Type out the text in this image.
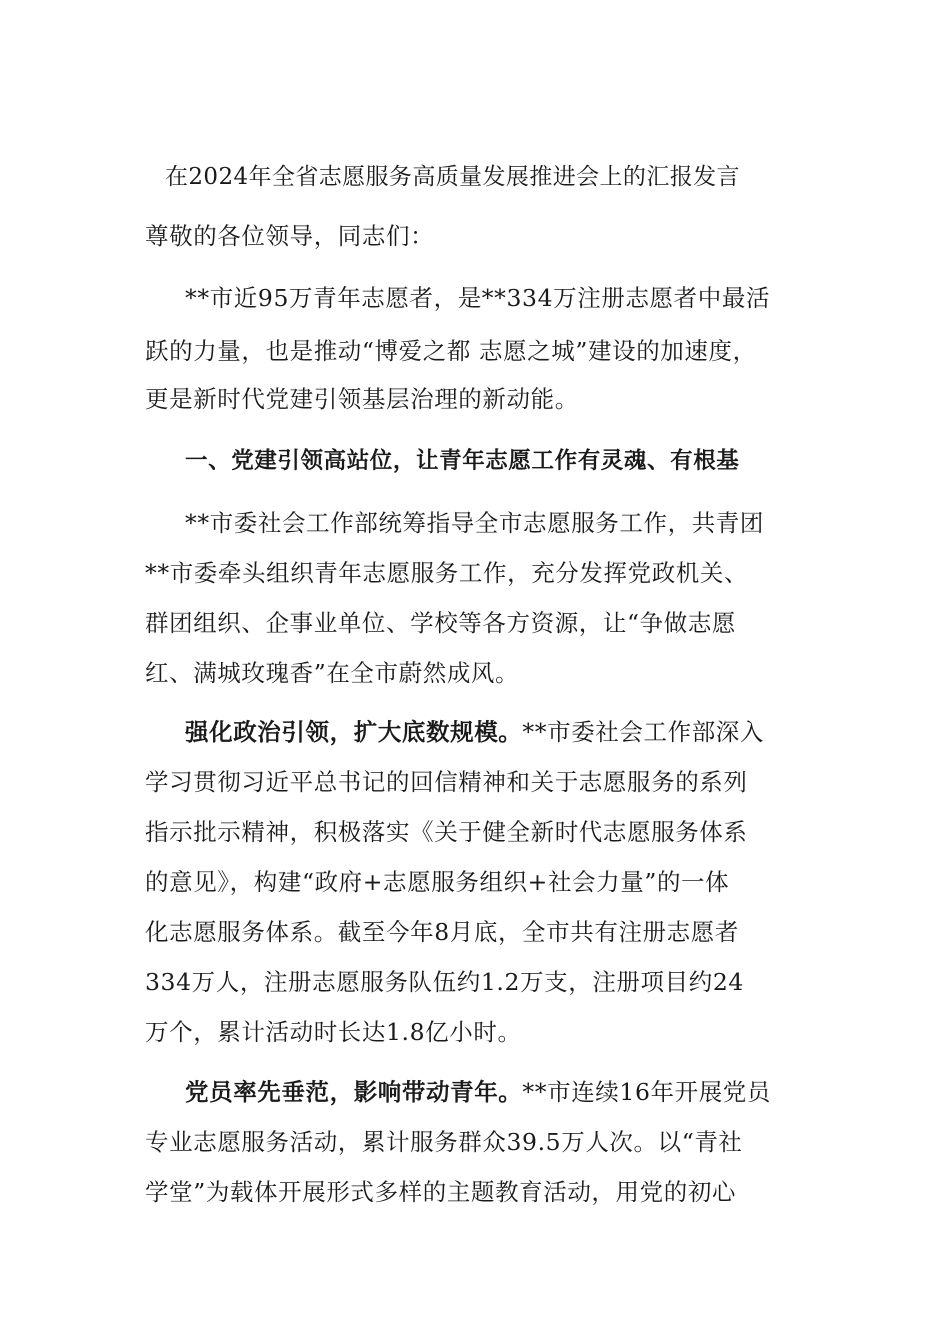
在2024年全省志愿服务高质量发展推进会上的汇报发言
尊敬的各位领导，同志们：
**市近95万青年志愿者，是**334万注册志愿者中最活
跃的力量，也是推动“博爱之都 志愿之城”建设的加速度，
更是新时代党建引领基层治理的新动能。
一、党建引领高站位，让青年志愿工作有灵魂、有根基
**市委社会工作部统筹指导全市志愿服务工作，共青团
**市委牵头组织青年志愿服务工作，充分发挥党政机关、
群团组织、企事业单位、学校等各方资源，让“争做志愿
红、满城玫瑰香”在全市蔚然成风。
强化政治引领，扩大底数规模。**市委社会工作部深入
学习贯彻习近平总书记的回信精神和关于志愿服务的系列
指示批示精神，积极落实《关于健全新时代志愿服务体系
的意见》，构建“政府+志愿服务组织+社会力量”的一体
化志愿服务体系。截至今年8月底，全市共有注册志愿者
334万人，注册志愿服务队伍约1.2万支，注册项目约24
万个，累计活动时长达1.8亿小时。
党员率先垂范，影响带动青年。**市连续16年开展党员
专业志愿服务活动，累计服务群众39.5万人次。以“青社
学堂”为载体开展形式多样的主题教育活动，用党的初心
